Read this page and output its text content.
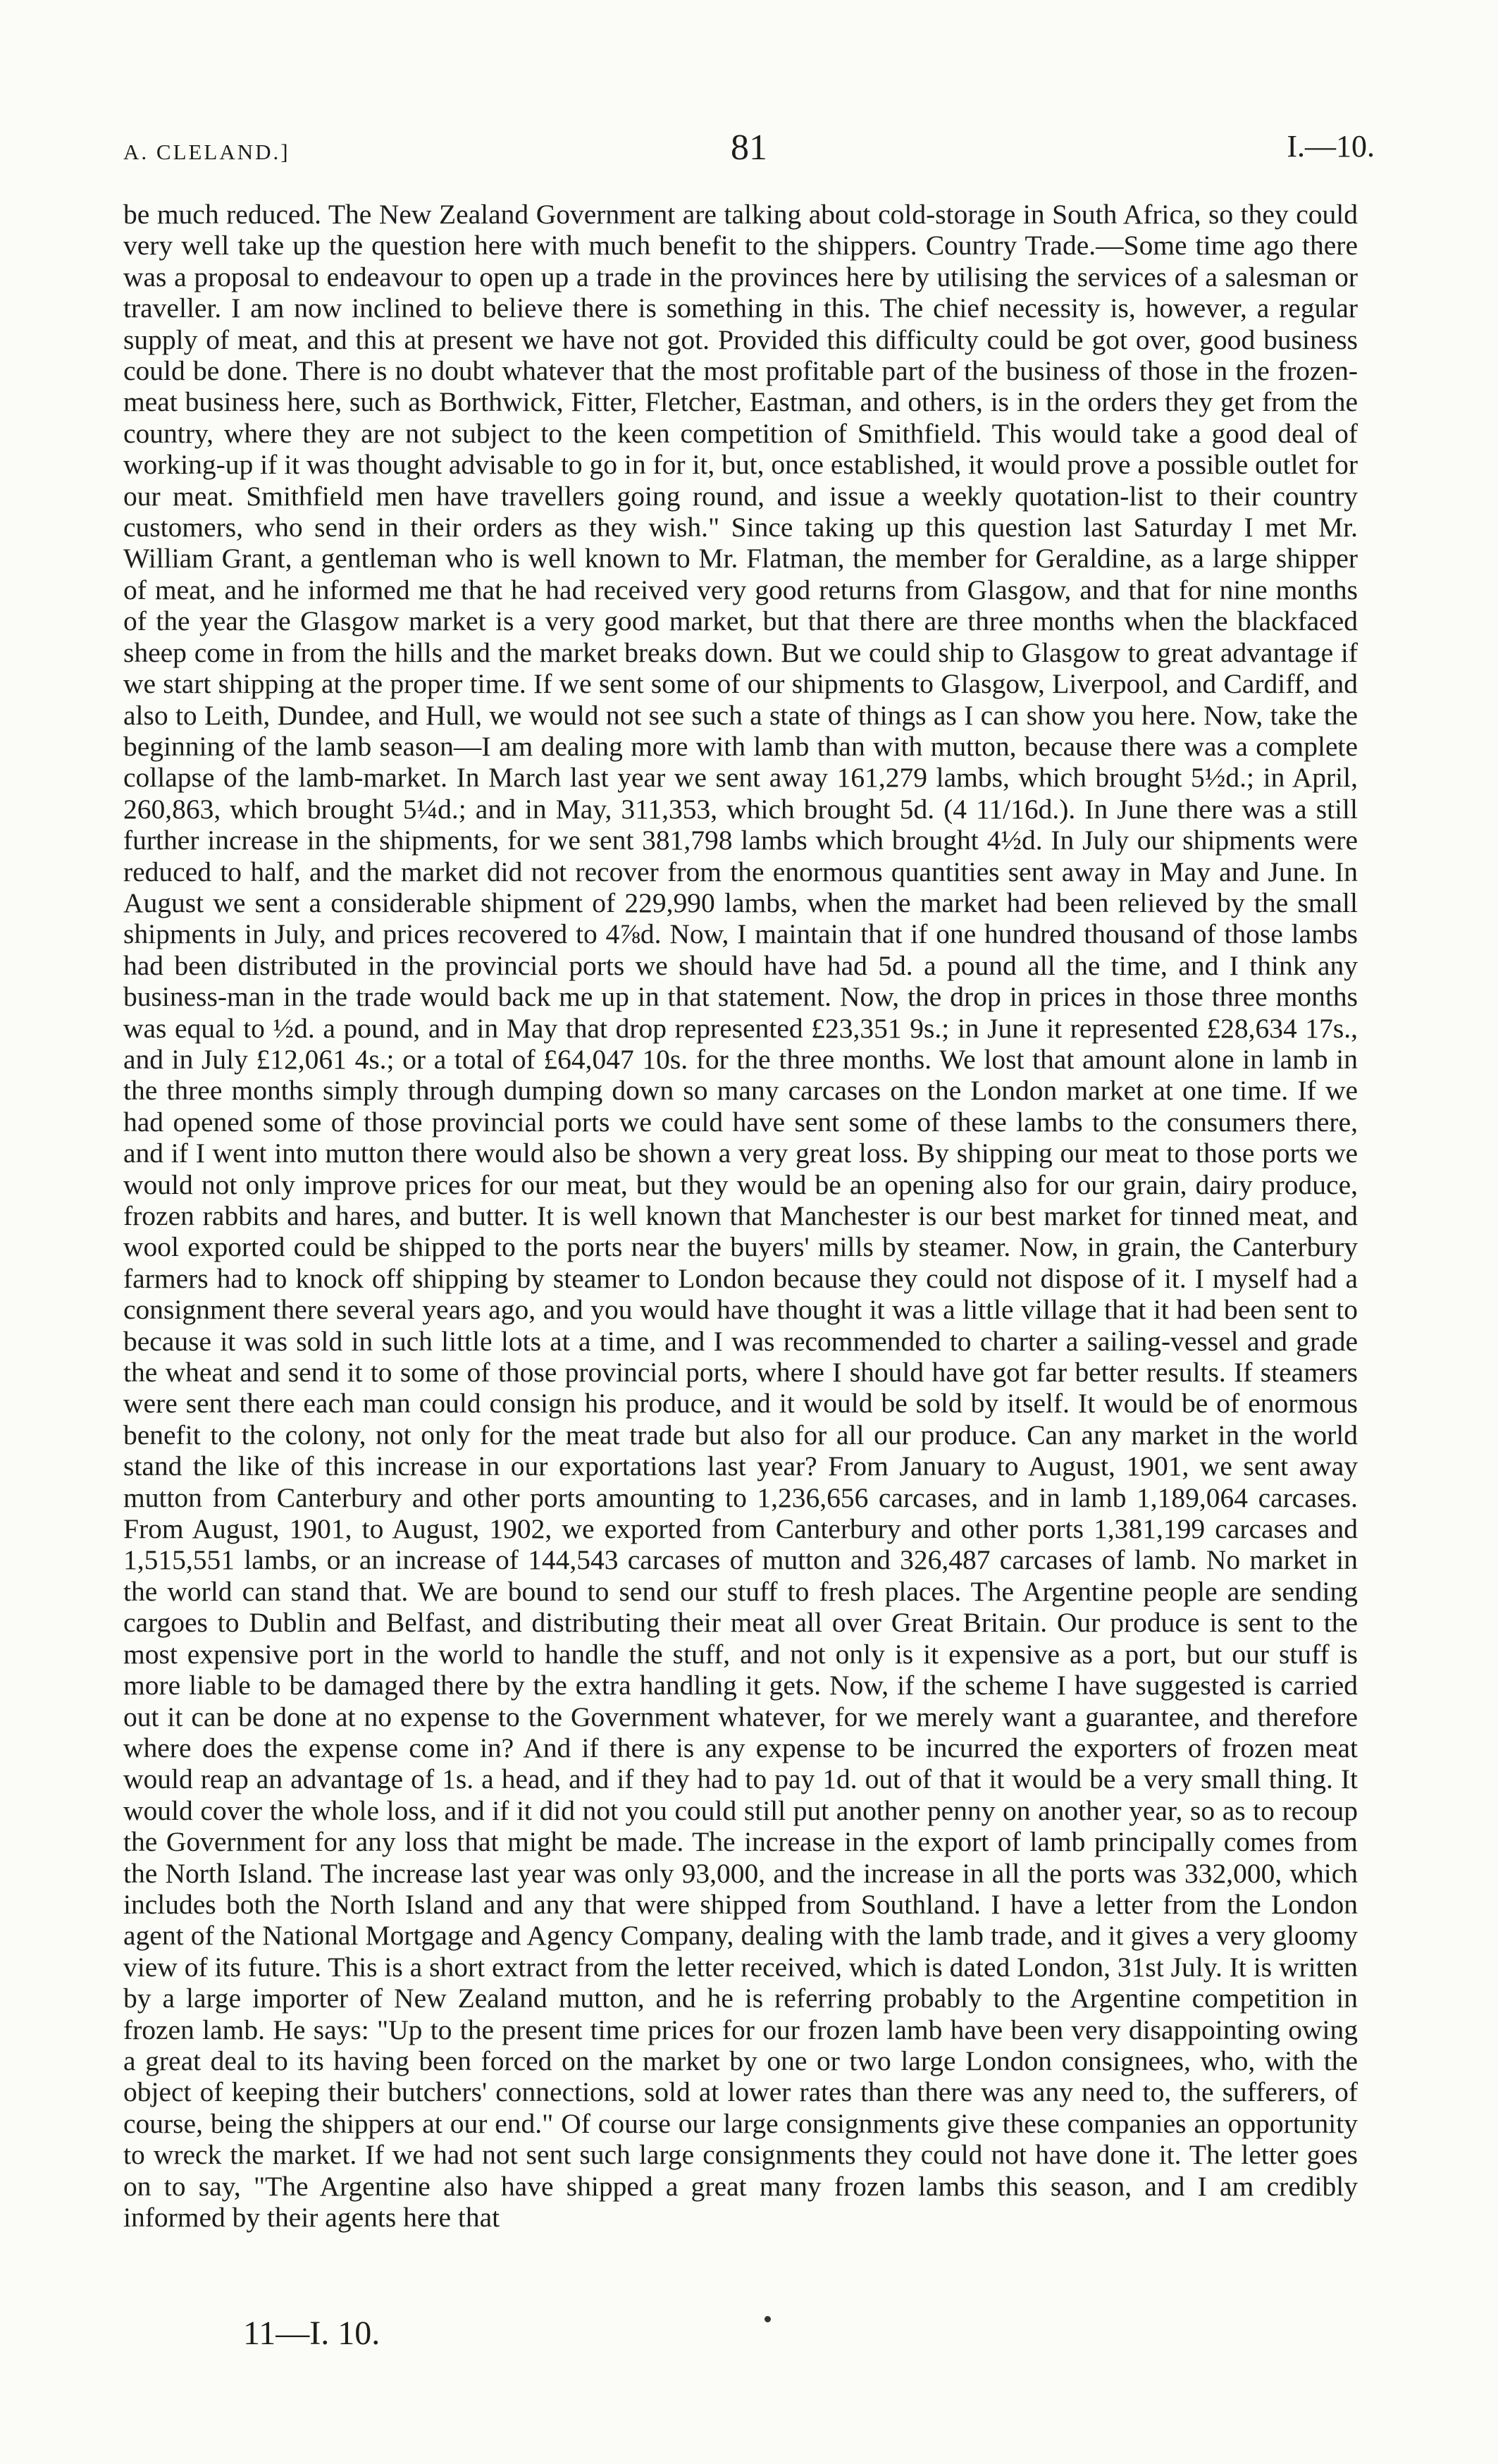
A. CLELAND.]	81	I.—10.

be much reduced. The New Zealand Government are talking about cold-storage in South Africa, so they could very well take up the question here with much benefit to the shippers. Country Trade.—Some time ago there was a proposal to endeavour to open up a trade in the provinces here by utilising the services of a salesman or traveller. I am now inclined to believe there is something in this. The chief necessity is, however, a regular supply of meat, and this at present we have not got. Provided this difficulty could be got over, good business could be done. There is no doubt whatever that the most profitable part of the business of those in the frozen-meat business here, such as Borthwick, Fitter, Fletcher, Eastman, and others, is in the orders they get from the country, where they are not subject to the keen competition of Smithfield. This would take a good deal of working-up if it was thought advisable to go in for it, but, once established, it would prove a possible outlet for our meat. Smithfield men have travellers going round, and issue a weekly quotation-list to their country customers, who send in their orders as they wish." Since taking up this question last Saturday I met Mr. William Grant, a gentleman who is well known to Mr. Flatman, the member for Geraldine, as a large shipper of meat, and he informed me that he had received very good returns from Glasgow, and that for nine months of the year the Glasgow market is a very good market, but that there are three months when the blackfaced sheep come in from the hills and the market breaks down. But we could ship to Glasgow to great advantage if we start shipping at the proper time. If we sent some of our shipments to Glasgow, Liverpool, and Cardiff, and also to Leith, Dundee, and Hull, we would not see such a state of things as I can show you here. Now, take the beginning of the lamb season—I am dealing more with lamb than with mutton, because there was a complete collapse of the lamb-market. In March last year we sent away 161,279 lambs, which brought 5½d.; in April, 260,863, which brought 5¼d.; and in May, 311,353, which brought 5d. (4 11/16d.). In June there was a still further increase in the shipments, for we sent 381,798 lambs which brought 4½d. In July our shipments were reduced to half, and the market did not recover from the enormous quantities sent away in May and June. In August we sent a considerable shipment of 229,990 lambs, when the market had been relieved by the small shipments in July, and prices recovered to 4⅞d. Now, I maintain that if one hundred thousand of those lambs had been distributed in the provincial ports we should have had 5d. a pound all the time, and I think any business-man in the trade would back me up in that statement. Now, the drop in prices in those three months was equal to ½d. a pound, and in May that drop represented £23,351 9s.; in June it represented £28,634 17s., and in July £12,061 4s.; or a total of £64,047 10s. for the three months. We lost that amount alone in lamb in the three months simply through dumping down so many carcases on the London market at one time. If we had opened some of those provincial ports we could have sent some of these lambs to the consumers there, and if I went into mutton there would also be shown a very great loss. By shipping our meat to those ports we would not only improve prices for our meat, but they would be an opening also for our grain, dairy produce, frozen rabbits and hares, and butter. It is well known that Manchester is our best market for tinned meat, and wool exported could be shipped to the ports near the buyers' mills by steamer. Now, in grain, the Canterbury farmers had to knock off shipping by steamer to London because they could not dispose of it. I myself had a consignment there several years ago, and you would have thought it was a little village that it had been sent to because it was sold in such little lots at a time, and I was recommended to charter a sailing-vessel and grade the wheat and send it to some of those provincial ports, where I should have got far better results. If steamers were sent there each man could consign his produce, and it would be sold by itself. It would be of enormous benefit to the colony, not only for the meat trade but also for all our produce. Can any market in the world stand the like of this increase in our exportations last year? From January to August, 1901, we sent away mutton from Canterbury and other ports amounting to 1,236,656 carcases, and in lamb 1,189,064 carcases. From August, 1901, to August, 1902, we exported from Canterbury and other ports 1,381,199 carcases and 1,515,551 lambs, or an increase of 144,543 carcases of mutton and 326,487 carcases of lamb. No market in the world can stand that. We are bound to send our stuff to fresh places. The Argentine people are sending cargoes to Dublin and Belfast, and distributing their meat all over Great Britain. Our produce is sent to the most expensive port in the world to handle the stuff, and not only is it expensive as a port, but our stuff is more liable to be damaged there by the extra handling it gets. Now, if the scheme I have suggested is carried out it can be done at no expense to the Government whatever, for we merely want a guarantee, and therefore where does the expense come in? And if there is any expense to be incurred the exporters of frozen meat would reap an advantage of 1s. a head, and if they had to pay 1d. out of that it would be a very small thing. It would cover the whole loss, and if it did not you could still put another penny on another year, so as to recoup the Government for any loss that might be made. The increase in the export of lamb principally comes from the North Island. The increase last year was only 93,000, and the increase in all the ports was 332,000, which includes both the North Island and any that were shipped from Southland. I have a letter from the London agent of the National Mortgage and Agency Company, dealing with the lamb trade, and it gives a very gloomy view of its future. This is a short extract from the letter received, which is dated London, 31st July. It is written by a large importer of New Zealand mutton, and he is referring probably to the Argentine competition in frozen lamb. He says: "Up to the present time prices for our frozen lamb have been very disappointing owing a great deal to its having been forced on the market by one or two large London consignees, who, with the object of keeping their butchers' connections, sold at lower rates than there was any need to, the sufferers, of course, being the shippers at our end." Of course our large consignments give these companies an opportunity to wreck the market. If we had not sent such large consignments they could not have done it. The letter goes on to say, "The Argentine also have shipped a great many frozen lambs this season, and I am credibly informed by their agents here that

11—I. 10.
